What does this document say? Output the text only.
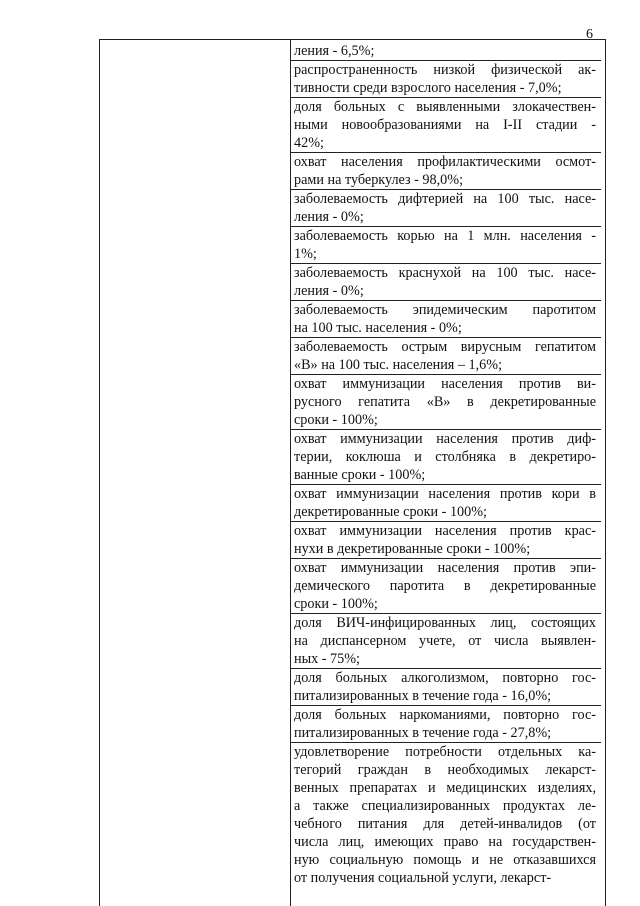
6
ления - 6,5%;
распространенность низкой физической ак-
тивности среди взрослого населения - 7,0%;
доля больных с выявленными злокачествен-
ными новообразованиями на I-II стадии -
42%;
охват населения профилактическими осмот-
рами на туберкулез - 98,0%;
заболеваемость дифтерией на 100 тыс. насе-
ления - 0%;
заболеваемость корью на 1 млн. населения -
1%;
заболеваемость краснухой на 100 тыс. насе-
ления - 0%;
заболеваемость эпидемическим паротитом
на 100 тыс. населения - 0%;
заболеваемость острым вирусным гепатитом
«В» на 100 тыс. населения – 1,6%;
охват иммунизации населения против ви-
русного гепатита «В» в декретированные
сроки - 100%;
охват иммунизации населения против диф-
терии, коклюша и столбняка в декретиро-
ванные сроки - 100%;
охват иммунизации населения против кори в
декретированные сроки - 100%;
охват иммунизации населения против крас-
нухи в декретированные сроки - 100%;
охват иммунизации населения против эпи-
демического паротита в декретированные
сроки - 100%;
доля ВИЧ-инфицированных лиц, состоящих
на диспансерном учете, от числа выявлен-
ных - 75%;
доля больных алкоголизмом, повторно гос-
питализированных в течение года - 16,0%;
доля больных наркоманиями, повторно гос-
питализированных в течение года - 27,8%;
удовлетворение потребности отдельных ка-
тегорий граждан в необходимых лекарст-
венных препаратах и медицинских изделиях,
а также специализированных продуктах ле-
чебного питания для детей-инвалидов (от
числа лиц, имеющих право на государствен-
ную социальную помощь и не отказавшихся
от получения социальной услуги, лекарст-
